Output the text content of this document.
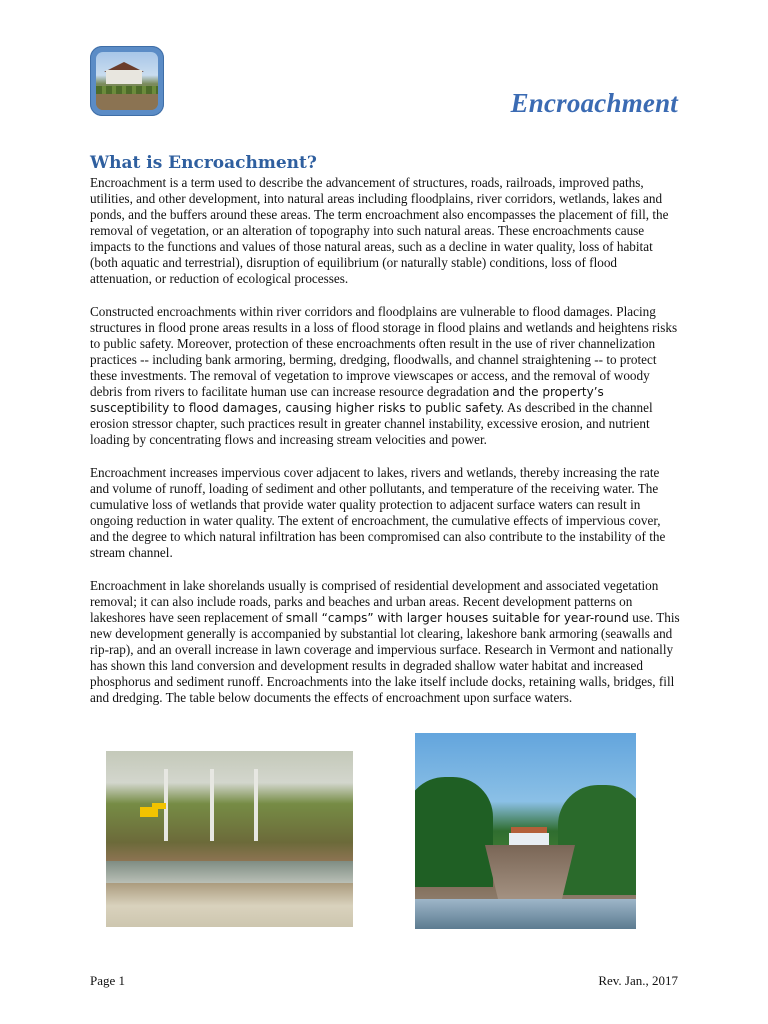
Encroachment
What is Encroachment?
Encroachment is a term used to describe the advancement of structures, roads, railroads, improved paths, utilities, and other development, into natural areas including floodplains, river corridors, wetlands, lakes and ponds, and the buffers around these areas. The term encroachment also encompasses the placement of fill, the removal of vegetation, or an alteration of topography into such natural areas. These encroachments cause impacts to the functions and values of those natural areas, such as a decline in water quality, loss of habitat (both aquatic and terrestrial), disruption of equilibrium (or naturally stable) conditions, loss of flood attenuation, or reduction of ecological processes.
Constructed encroachments within river corridors and floodplains are vulnerable to flood damages. Placing structures in flood prone areas results in a loss of flood storage in flood plains and wetlands and heightens risks to public safety. Moreover, protection of these encroachments often result in the use of river channelization practices -- including bank armoring, berming, dredging, floodwalls, and channel straightening -- to protect these investments. The removal of vegetation to improve viewscapes or access, and the removal of woody debris from rivers to facilitate human use can increase resource degradation and the property’s susceptibility to flood damages, causing higher risks to public safety. As described in the channel erosion stressor chapter, such practices result in greater channel instability, excessive erosion, and nutrient loading by concentrating flows and increasing stream velocities and power.
Encroachment increases impervious cover adjacent to lakes, rivers and wetlands, thereby increasing the rate and volume of runoff, loading of sediment and other pollutants, and temperature of the receiving water. The cumulative loss of wetlands that provide water quality protection to adjacent surface waters can result in ongoing reduction in water quality. The extent of encroachment, the cumulative effects of impervious cover, and the degree to which natural infiltration has been compromised can also contribute to the instability of the stream channel.
Encroachment in lake shorelands usually is comprised of residential development and associated vegetation removal; it can also include roads, parks and beaches and urban areas. Recent development patterns on lakeshores have seen replacement of small “camps” with larger houses suitable for year-round use. This new development generally is accompanied by substantial lot clearing, lakeshore bank armoring (seawalls and rip-rap), and an overall increase in lawn coverage and impervious surface. Research in Vermont and nationally has shown this land conversion and development results in degraded shallow water habitat and increased phosphorus and sediment runoff. Encroachments into the lake itself include docks, retaining walls, bridges, fill and dredging. The table below documents the effects of encroachment upon surface waters.
Page 1	Rev. Jan., 2017
